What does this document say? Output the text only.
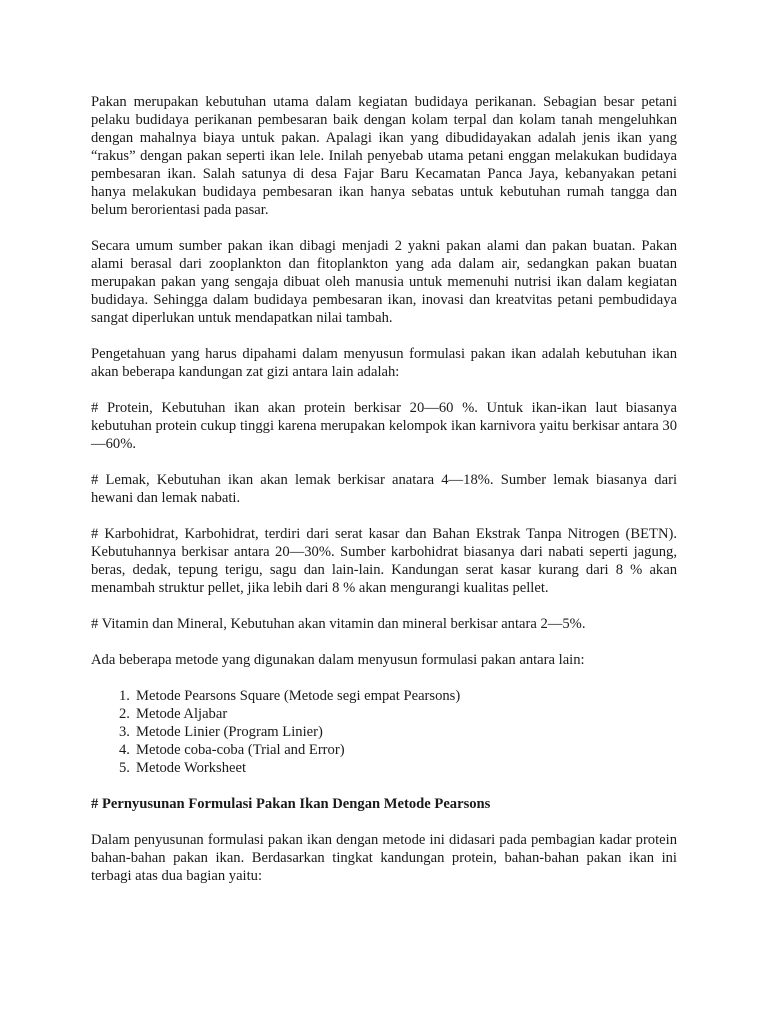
Pakan merupakan kebutuhan utama dalam kegiatan budidaya perikanan. Sebagian besar petani pelaku budidaya perikanan pembesaran baik dengan kolam terpal dan kolam tanah mengeluhkan dengan mahalnya biaya untuk pakan. Apalagi ikan yang dibudidayakan adalah jenis ikan yang “rakus” dengan pakan seperti ikan lele. Inilah penyebab utama petani enggan melakukan budidaya pembesaran ikan. Salah satunya di desa Fajar Baru Kecamatan Panca Jaya, kebanyakan petani hanya melakukan budidaya pembesaran ikan hanya sebatas untuk kebutuhan rumah tangga dan belum berorientasi pada pasar.

Secara umum sumber pakan ikan dibagi menjadi 2 yakni pakan alami dan pakan buatan. Pakan alami berasal dari zooplankton dan fitoplankton yang ada dalam air, sedangkan pakan buatan merupakan pakan yang sengaja dibuat oleh manusia untuk memenuhi nutrisi ikan dalam kegiatan budidaya. Sehingga dalam budidaya pembesaran ikan, inovasi dan kreatvitas petani pembudidaya sangat diperlukan untuk mendapatkan nilai tambah.

Pengetahuan yang harus dipahami dalam menyusun formulasi pakan ikan adalah kebutuhan ikan akan beberapa kandungan zat gizi antara lain adalah:

# Protein, Kebutuhan ikan akan protein berkisar 20—60 %. Untuk ikan-ikan laut biasanya kebutuhan protein cukup tinggi karena merupakan kelompok ikan karnivora yaitu berkisar antara 30—60%.

# Lemak, Kebutuhan ikan akan lemak berkisar anatara 4—18%. Sumber lemak biasanya dari hewani dan lemak nabati.

# Karbohidrat, Karbohidrat, terdiri dari serat kasar dan Bahan Ekstrak Tanpa Nitrogen (BETN). Kebutuhannya berkisar antara 20—30%. Sumber karbohidrat biasanya dari nabati seperti jagung, beras, dedak, tepung terigu, sagu dan lain-lain. Kandungan serat kasar kurang dari 8 % akan menambah struktur pellet, jika lebih dari 8 % akan mengurangi kualitas pellet.

# Vitamin dan Mineral, Kebutuhan akan vitamin dan mineral berkisar antara 2—5%.

Ada beberapa metode yang digunakan dalam menyusun formulasi pakan antara lain:

1. Metode Pearsons Square (Metode segi empat Pearsons)
2. Metode Aljabar
3. Metode Linier (Program Linier)
4. Metode coba-coba (Trial and Error)
5. Metode Worksheet

# Pernyusunan Formulasi Pakan Ikan Dengan Metode Pearsons

Dalam penyusunan formulasi pakan ikan dengan metode ini didasari pada pembagian kadar protein bahan-bahan pakan ikan. Berdasarkan tingkat kandungan protein, bahan-bahan pakan ikan ini terbagi atas dua bagian yaitu:
